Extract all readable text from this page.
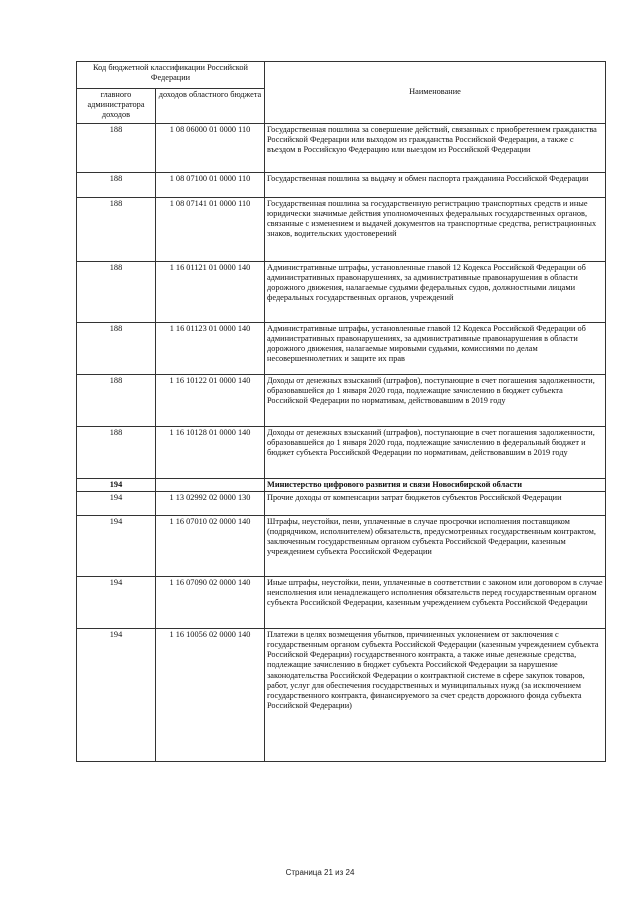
Код бюджетной классификации Российской Федерации		Наименование
главного администратора доходов	доходов областного бюджета	
188	1 08 06000 01 0000 110	Государственная пошлина за совершение действий, связанных с приобретением гражданства Российской Федерации или выходом из гражданства Российской Федерации, а также с въездом в Российскую Федерацию или выездом из Российской Федерации
188	1 08 07100 01 0000 110	Государственная пошлина за выдачу и обмен паспорта гражданина Российской Федерации
188	1 08 07141 01 0000 110	Государственная пошлина за государственную регистрацию транспортных средств и иные юридически значимые действия уполномоченных федеральных государственных органов, связанные с изменением и выдачей документов на транспортные средства, регистрационных знаков, водительских удостоверений
188	1 16 01121 01 0000 140	Административные штрафы, установленные главой 12 Кодекса Российской Федерации об административных правонарушениях, за административные правонарушения в области дорожного движения, налагаемые судьями федеральных судов, должностными лицами федеральных государственных органов, учреждений
188	1 16 01123 01 0000 140	Административные штрафы, установленные главой 12 Кодекса Российской Федерации об административных правонарушениях, за административные правонарушения в области дорожного движения, налагаемые мировыми судьями, комиссиями по делам несовершеннолетних и защите их прав
188	1 16 10122 01 0000 140	Доходы от денежных взысканий (штрафов), поступающие в счет погашения задолженности, образовавшейся до 1 января 2020 года, подлежащие зачислению в бюджет субъекта Российской Федерации по нормативам, действовавшим в 2019 году
188	1 16 10128 01 0000 140	Доходы от денежных взысканий (штрафов), поступающие в счет погашения задолженности, образовавшейся до 1 января 2020 года, подлежащие зачислению в федеральный бюджет и бюджет субъекта Российской Федерации по нормативам, действовавшим в 2019 году
194		Министерство цифрового развития и связи Новосибирской области
194	1 13 02992 02 0000 130	Прочие доходы от компенсации затрат бюджетов субъектов Российской Федерации
194	1 16 07010 02 0000 140	Штрафы, неустойки, пени, уплаченные в случае просрочки исполнения поставщиком (подрядчиком, исполнителем) обязательств, предусмотренных государственным контрактом, заключенным государственным органом субъекта Российской Федерации, казенным учреждением субъекта Российской Федерации
194	1 16 07090 02 0000 140	Иные штрафы, неустойки, пени, уплаченные в соответствии с законом или договором в случае неисполнения или ненадлежащего исполнения обязательств перед государственным органом субъекта Российской Федерации, казенным учреждением субъекта Российской Федерации
194	1 16 10056 02 0000 140	Платежи в целях возмещения убытков, причиненных уклонением от заключения с государственным органом субъекта Российской Федерации (казенным учреждением субъекта Российской Федерации) государственного контракта, а также иные денежные средства, подлежащие зачислению в бюджет субъекта Российской Федерации за нарушение законодательства Российской Федерации о контрактной системе в сфере закупок товаров, работ, услуг для обеспечения государственных и муниципальных нужд (за исключением государственного контракта, финансируемого за счет средств дорожного фонда субъекта Российской Федерации)
Страница 21 из 24
